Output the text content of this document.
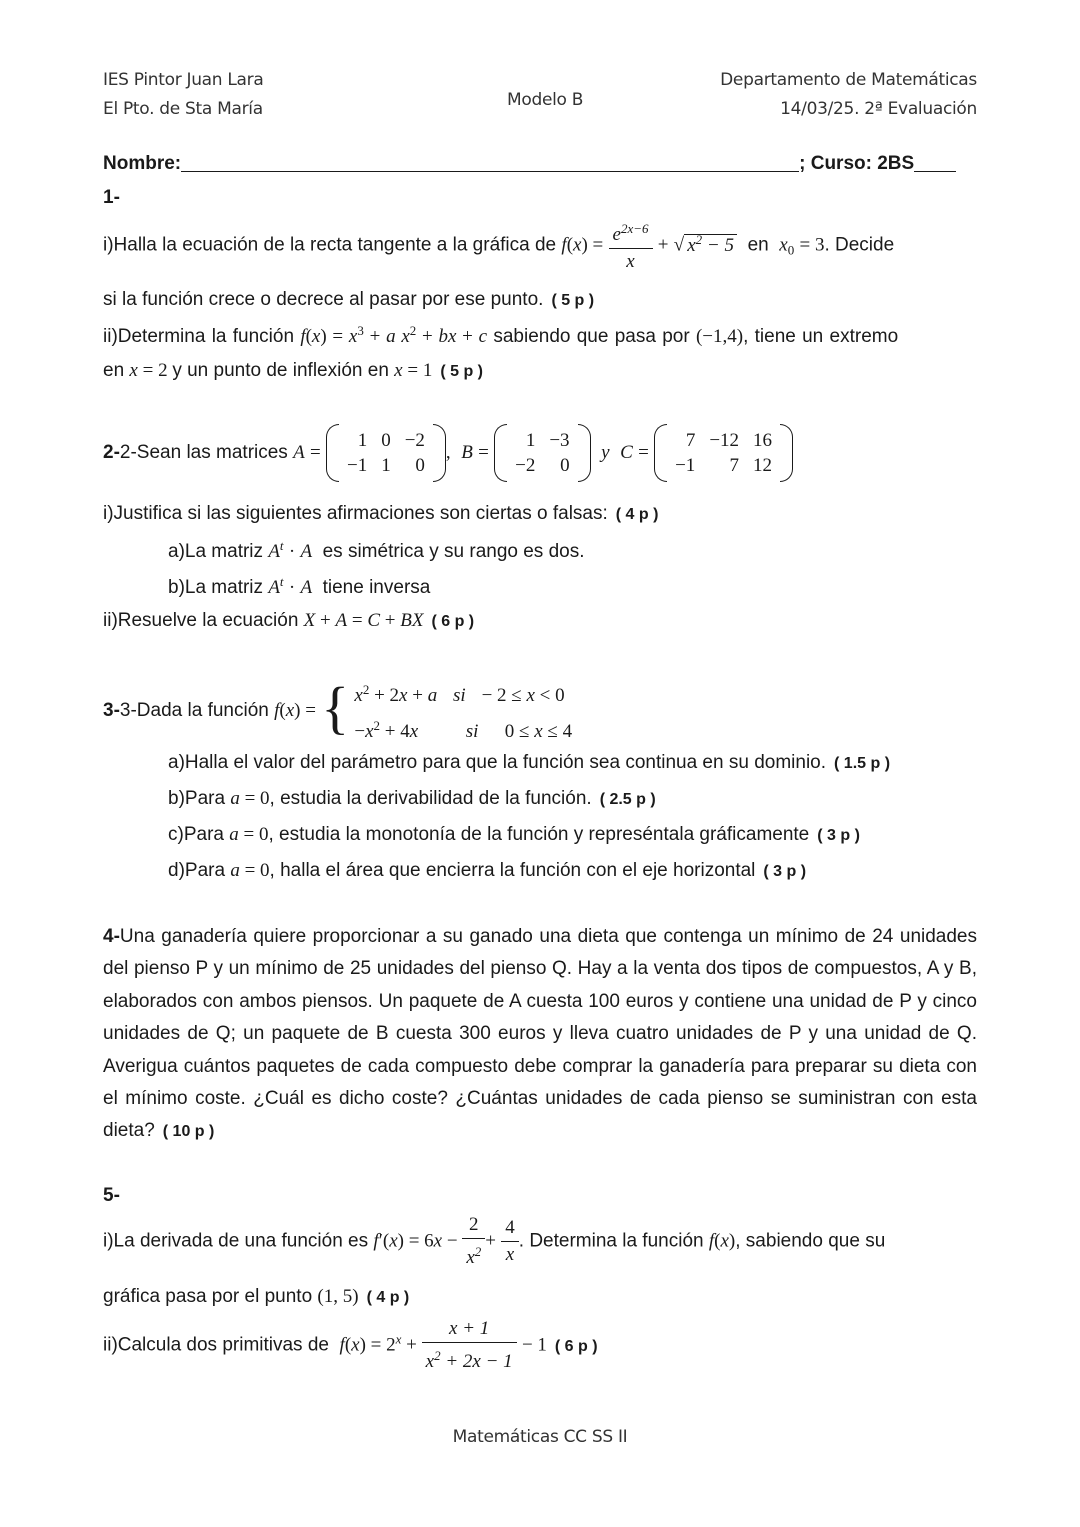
IES Pintor Juan Lara
El Pto. de Sta María	Modelo B
Departamento de Matemáticas
14/03/25. 2ª Evaluación
Nombre:	; Curso: 2BS
1-
i)Halla la ecuación de la recta tangente a la gráfica de $f(x) = \frac{e^{2x-6}}{x}$ + √ $x^2 - 5$ en $x_0 = 3$. Decide
si la función crece o decrece al pasar por ese punto. ( 5 p )
ii)Determina la función $f(x) = x^3 + a$ $x^2$ + bx + c sabiendo que pasa por (−1,4), tiene un extremo
en x = 2 y un punto de inflexión en x = 1 ( 5 p )
2-2-Sean las matrices A =
1	0	−2
−1	1	0
, B =
1	−3
−2	0
y C =
7	−12	16
−1	7	12
i)Justifica si las siguientes afirmaciones son ciertas o falsas: ( 4 p )
a)La matriz $A^t \cdot A$ es simétrica y su rango es dos.
b)La matriz $A^t \cdot A$ tiene inversa
ii)Resuelve la ecuación X + A = C + BX ( 6 p )
3-3-Dada la función f(x) = { $x^2 + 2x + a$ si − 2 ≤ x < 0
$-x^2 + 4x$	si 0 ≤ x ≤ 4
a)Halla el valor del parámetro para que la función sea continua en su dominio. ( 1.5 p )
b)Para a = 0, estudia la derivabilidad de la función. ( 2.5 p )
c)Para a = 0, estudia la monotonía de la función y represéntala gráficamente ( 3 p )
d)Para a = 0, halla el área que encierra la función con el eje horizontal ( 3 p )
4-Una ganadería quiere proporcionar a su ganado una dieta que contenga un mínimo de 24 unidades del pienso P y un mínimo de 25 unidades del pienso Q. Hay a la venta dos tipos de compuestos, A y B, elaborados con ambos piensos. Un paquete de A cuesta 100 euros y contiene una unidad de P y cinco unidades de Q; un paquete de B cuesta 300 euros y lleva cuatro unidades de P y una unidad de Q. Averigua cuántos paquetes de cada compuesto debe comprar la ganadería para preparar su dieta con el mínimo coste. ¿Cuál es dicho coste? ¿Cuántas unidades de cada pienso se suministran con esta dieta? ( 10 p )
5-
i)La derivada de una función es $f'(x) = 6x - \frac{2}{x^2} + \frac{4}{x}$ . Determina la función f(x), sabiendo que su
gráfica pasa por el punto (1, 5) ( 4 p )
ii)Calcula dos primitivas de $f(x) = 2^x + \frac{x + 1}{x^2 + 2x - 1} - 1$ ( 6 p )
Matemáticas CC SS II
